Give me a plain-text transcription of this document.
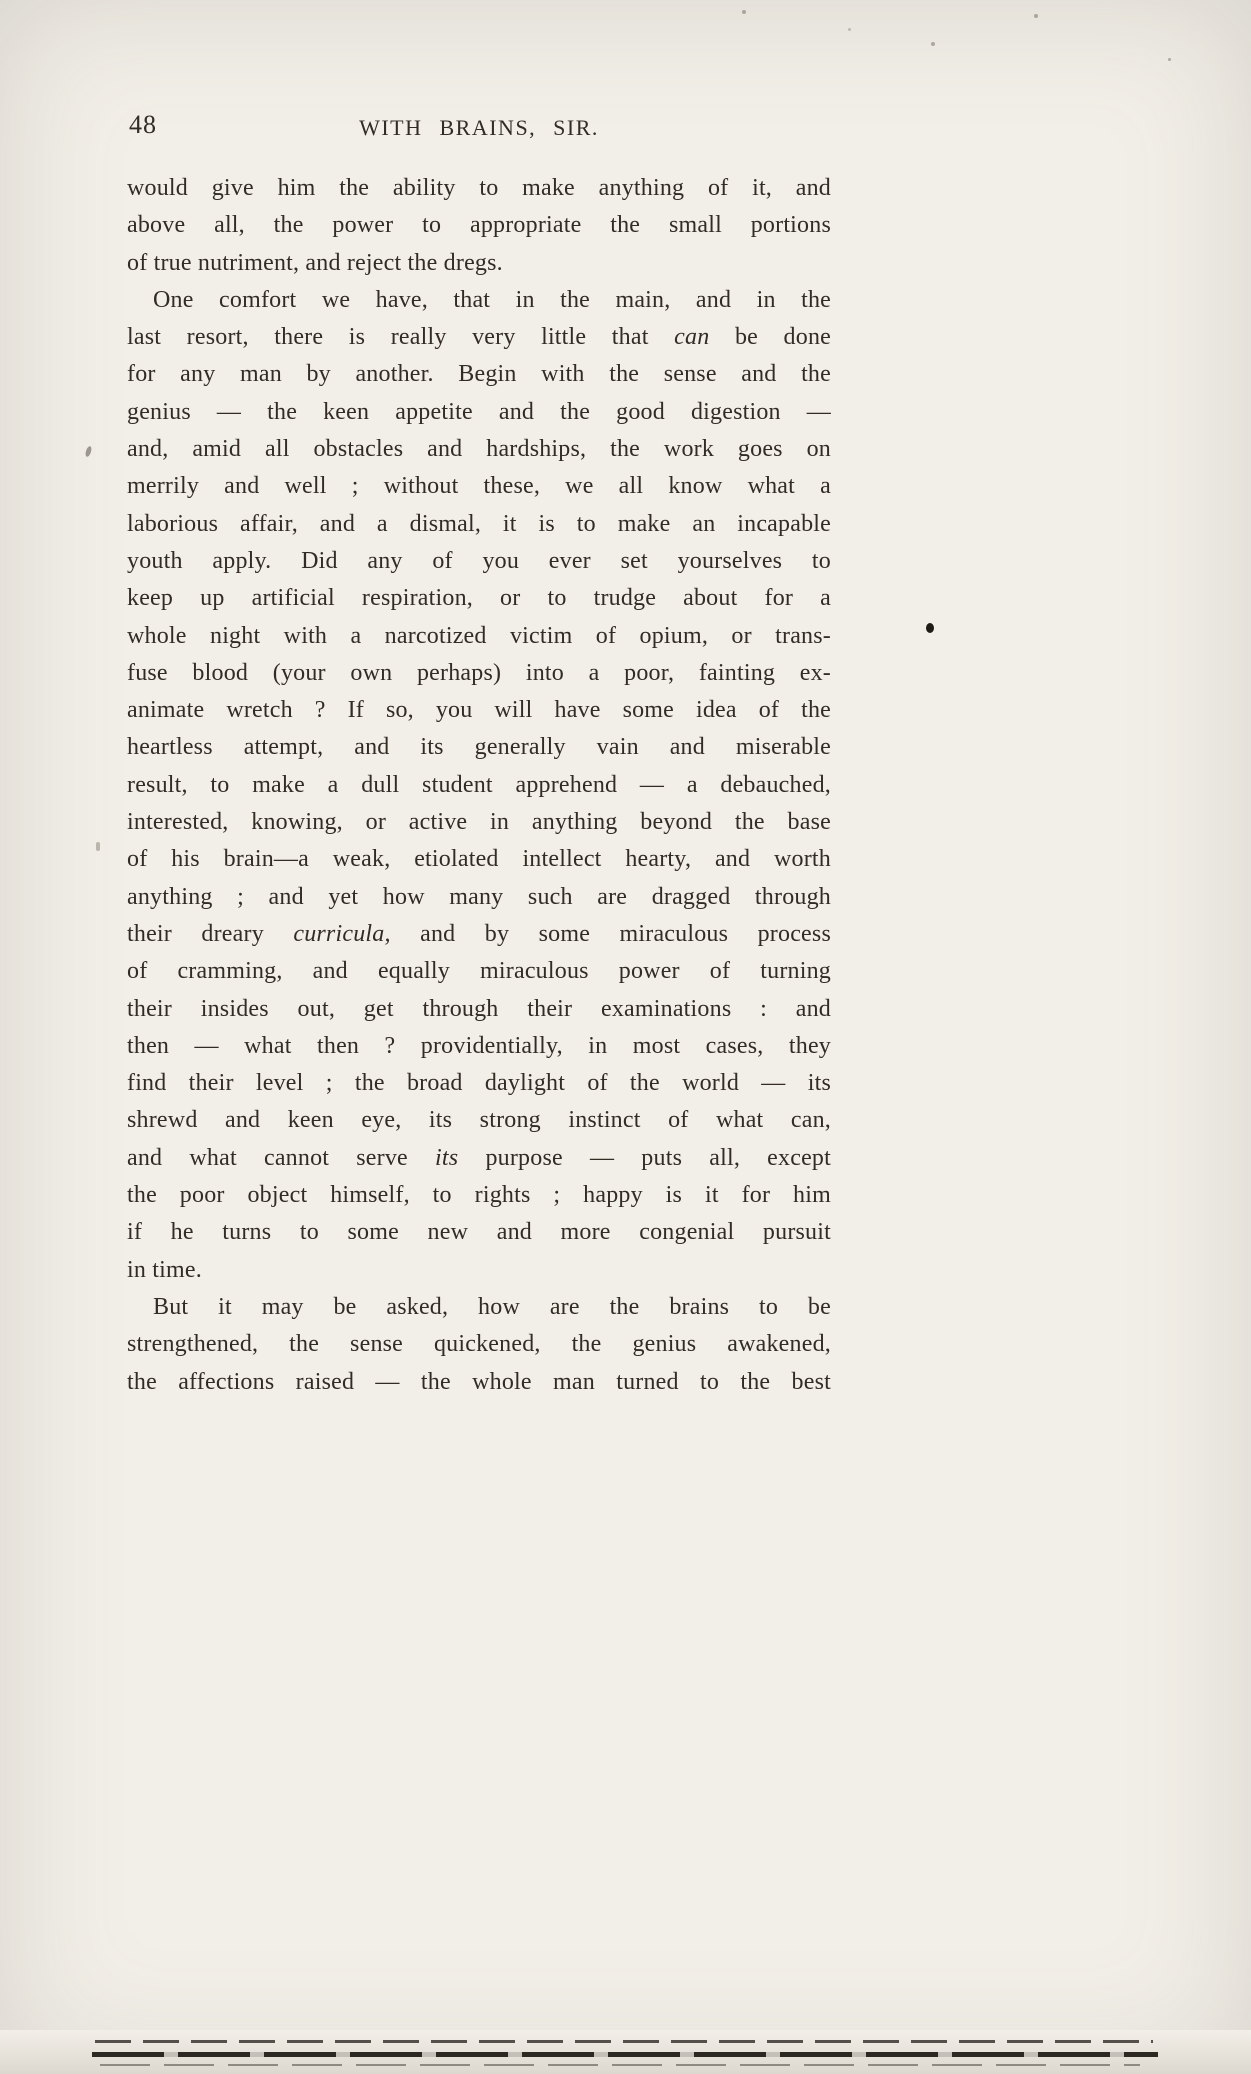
48	WITH BRAINS, SIR.
would give him the ability to make anything of it, and
above all, the power to appropriate the small portions
of true nutriment, and reject the dregs.
One comfort we have, that in the main, and in the
last resort, there is really very little that can be done
for any man by another. Begin with the sense and the
genius — the keen appetite and the good digestion —
and, amid all obstacles and hardships, the work goes on
merrily and well ; without these, we all know what a
laborious affair, and a dismal, it is to make an incapable
youth apply. Did any of you ever set yourselves to
keep up artificial respiration, or to trudge about for a
whole night with a narcotized victim of opium, or trans-
fuse blood (your own perhaps) into a poor, fainting ex-
animate wretch ? If so, you will have some idea of the
heartless attempt, and its generally vain and miserable
result, to make a dull student apprehend — a debauched,
interested, knowing, or active in anything beyond the base
of his brain—a weak, etiolated intellect hearty, and worth
anything ; and yet how many such are dragged through
their dreary curricula, and by some miraculous process
of cramming, and equally miraculous power of turning
their insides out, get through their examinations : and
then — what then ? providentially, in most cases, they
find their level ; the broad daylight of the world — its
shrewd and keen eye, its strong instinct of what can,
and what cannot serve its purpose — puts all, except
the poor object himself, to rights ; happy is it for him
if he turns to some new and more congenial pursuit
in time.
But it may be asked, how are the brains to be
strengthened, the sense quickened, the genius awakened,
the affections raised — the whole man turned to the best
